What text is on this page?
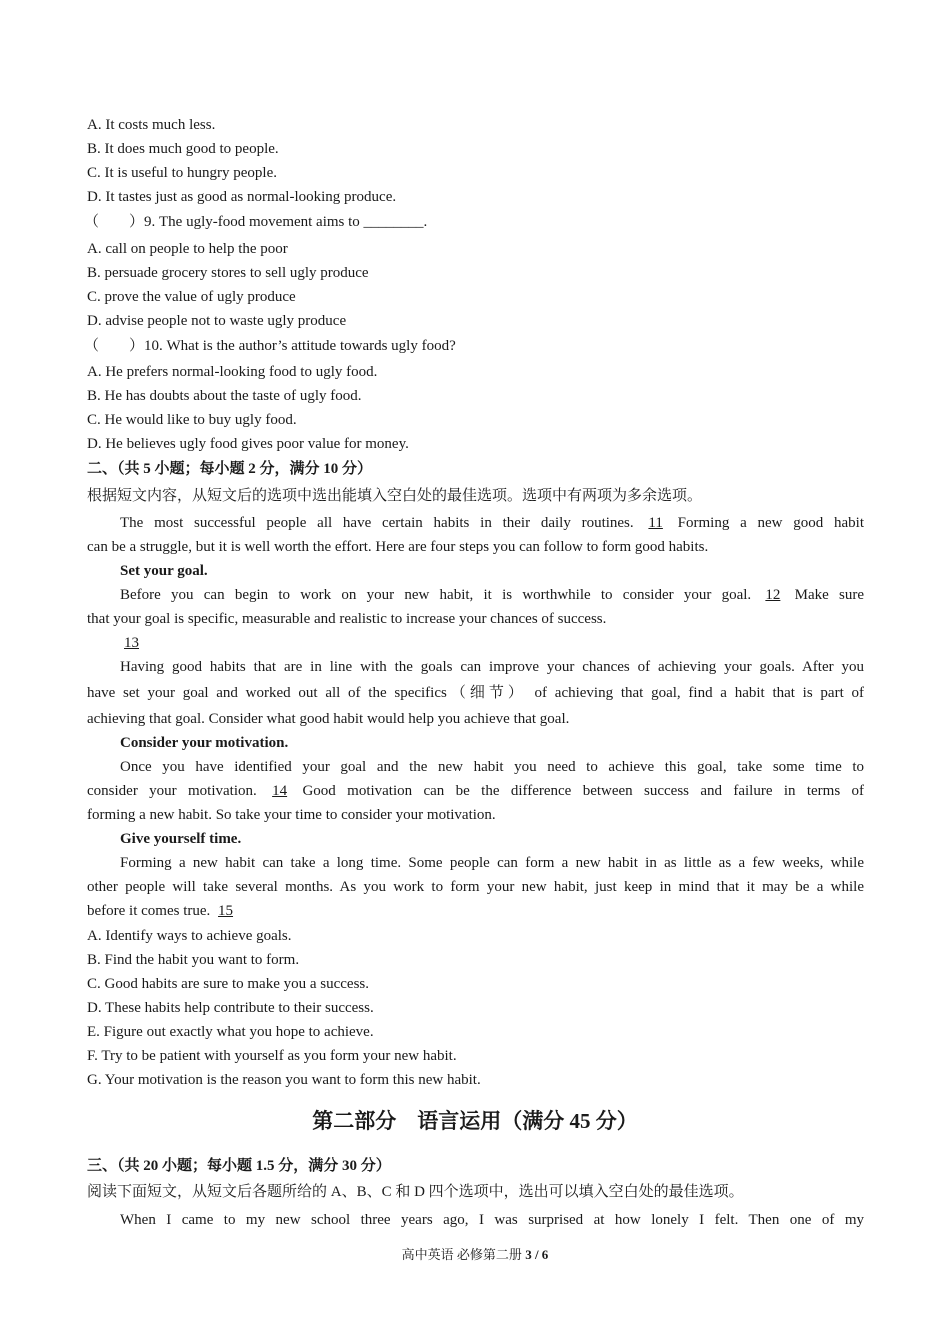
A. It costs much less.
B. It does much good to people.
C. It is useful to hungry people.
D. It tastes just as good as normal-looking produce.
（　　）9. The ugly-food movement aims to ________.
A. call on people to help the poor
B. persuade grocery stores to sell ugly produce
C. prove the value of ugly produce
D. advise people not to waste ugly produce
（　　）10. What is the author’s attitude towards ugly food?
A. He prefers normal-looking food to ugly food.
B. He has doubts about the taste of ugly food.
C. He would like to buy ugly food.
D. He believes ugly food gives poor value for money.
二、（共 5 小题；每小题 2 分，满分 10 分）
根据短文内容，从短文后的选项中选出能填入空白处的最佳选项。选项中有两项为多余选项。
The most successful people all have certain habits in their daily routines. 11 Forming a new good habit
can be a struggle, but it is well worth the effort. Here are four steps you can follow to form good habits.
Set your goal.
Before you can begin to work on your new habit, it is worthwhile to consider your goal. 12 Make sure
that your goal is specific, measurable and realistic to increase your chances of success.
13
Having good habits that are in line with the goals can improve your chances of achieving your goals. After you
have set your goal and worked out all of the specifics（细节） of achieving that goal, find a habit that is part of
achieving that goal. Consider what good habit would help you achieve that goal.
Consider your motivation.
Once you have identified your goal and the new habit you need to achieve this goal, take some time to
consider your motivation. 14 Good motivation can be the difference between success and failure in terms of
forming a new habit. So take your time to consider your motivation.
Give yourself time.
Forming a new habit can take a long time. Some people can form a new habit in as little as a few weeks, while
other people will take several months. As you work to form your new habit, just keep in mind that it may be a while
before it comes true. 15
A. Identify ways to achieve goals.
B. Find the habit you want to form.
C. Good habits are sure to make you a success.
D. These habits help contribute to their success.
E. Figure out exactly what you hope to achieve.
F. Try to be patient with yourself as you form your new habit.
G. Your motivation is the reason you want to form this new habit.
第二部分　语言运用（满分 45 分）
三、（共 20 小题；每小题 1.5 分，满分 30 分）
阅读下面短文，从短文后各题所给的 A、B、C 和 D 四个选项中，选出可以填入空白处的最佳选项。
When I came to my new school three years ago, I was surprised at how lonely I felt. Then one of my
高中英语 必修第二册 3 / 6
